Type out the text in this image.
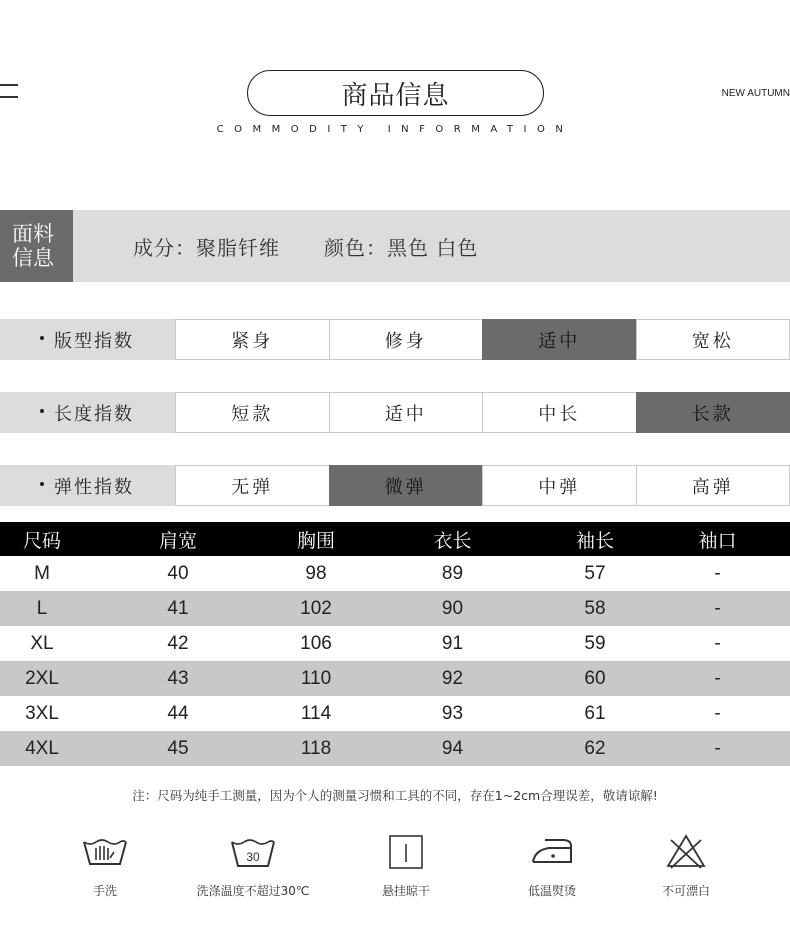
商品信息
COMMODITY INFORMATION
NEW AUTUMN
面料
信息	成分：聚脂钎维 颜色：黑色 白色
版型指数	紧身	修身	适中	宽松
长度指数	短款	适中	中长	长款
弹性指数	无弹	微弹	中弹	高弹
尺码	肩宽	胸围	衣长	袖长	袖口
M	40	98	89	57	-
L	41	102	90	58	-
XL	42	106	91	59	-
2XL	43	110	92	60	-
3XL	44	114	93	61	-
4XL	45	118	94	62	-
注：尺码为纯手工测量，因为个人的测量习惯和工具的不同，存在1~2cm合理误差，敬请谅解!
手洗
30
洗涤温度不超过30℃	悬挂晾干	低温熨烫	不可漂白
